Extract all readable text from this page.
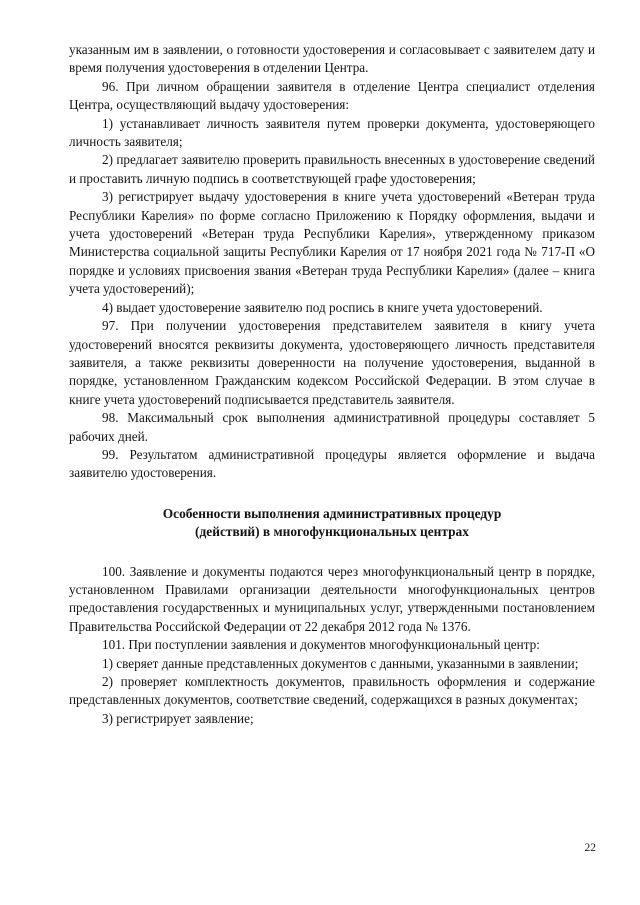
указанным им в заявлении, о готовности удостоверения и согласовывает с заявителем дату и время получения удостоверения в отделении Центра.

96. При личном обращении заявителя в отделение Центра специалист отделения Центра, осуществляющий выдачу удостоверения:

1) устанавливает личность заявителя путем проверки документа, удостоверяющего личность заявителя;

2) предлагает заявителю проверить правильность внесенных в удостоверение сведений и проставить личную подпись в соответствующей графе удостоверения;

3) регистрирует выдачу удостоверения в книге учета удостоверений «Ветеран труда Республики Карелия» по форме согласно Приложению к Порядку оформления, выдачи и учета удостоверений «Ветеран труда Республики Карелия», утвержденному приказом Министерства социальной защиты Республики Карелия от 17 ноября 2021 года № 717-П «О порядке и условиях присвоения звания «Ветеран труда Республики Карелия» (далее – книга учета удостоверений);

4) выдает удостоверение заявителю под роспись в книге учета удостоверений.

97. При получении удостоверения представителем заявителя в книгу учета удостоверений вносятся реквизиты документа, удостоверяющего личность представителя заявителя, а также реквизиты доверенности на получение удостоверения, выданной в порядке, установленном Гражданским кодексом Российской Федерации. В этом случае в книге учета удостоверений подписывается представитель заявителя.

98. Максимальный срок выполнения административной процедуры составляет 5 рабочих дней.

99. Результатом административной процедуры является оформление и выдача заявителю удостоверения.

Особенности выполнения административных процедур
(действий) в многофункциональных центрах

100. Заявление и документы подаются через многофункциональный центр в порядке, установленном Правилами организации деятельности многофункциональных центров предоставления государственных и муниципальных услуг, утвержденными постановлением Правительства Российской Федерации от 22 декабря 2012 года № 1376.

101. При поступлении заявления и документов многофункциональный центр:

1) сверяет данные представленных документов с данными, указанными в заявлении;

2) проверяет комплектность документов, правильность оформления и содержание представленных документов, соответствие сведений, содержащихся в разных документах;

3) регистрирует заявление;

22
